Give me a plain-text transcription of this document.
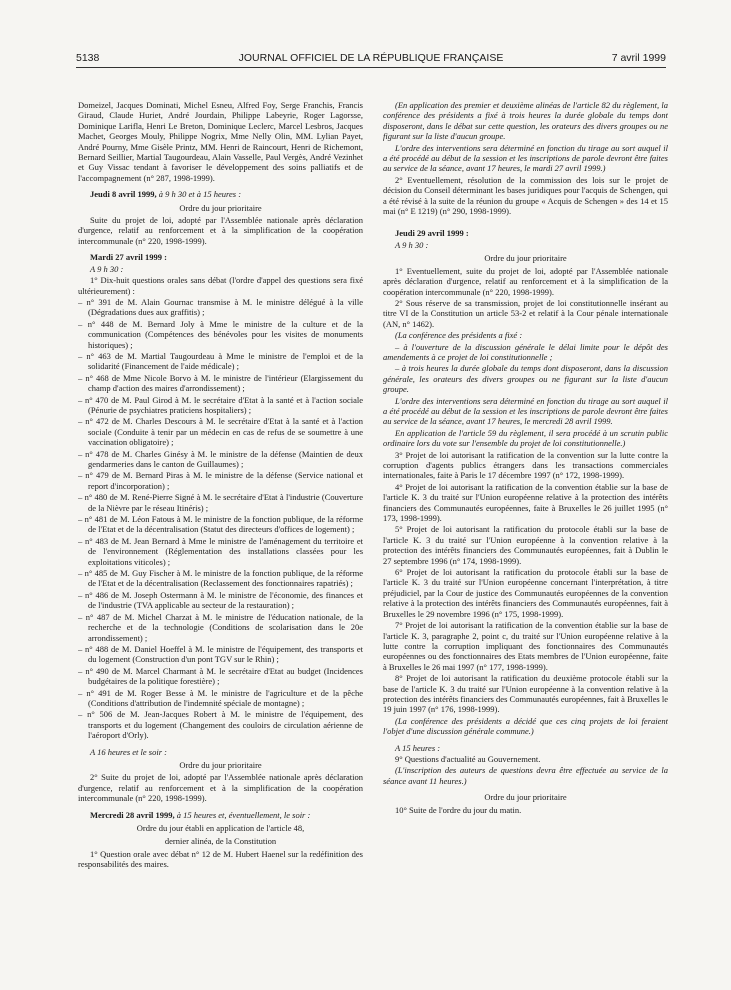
5138	JOURNAL OFFICIEL DE LA RÉPUBLIQUE FRANÇAISE	7 avril 1999

Domeizel, Jacques Dominati, Michel Esneu, Alfred Foy, Serge Franchis, Francis Giraud, Claude Huriet, André Jourdain, Philippe Labeyrie, Roger Lagorsse, Dominique Larifla, Henri Le Breton, Dominique Leclerc, Marcel Lesbros, Jacques Machet, Georges Mouly, Philippe Nogrix, Mme Nelly Olin, MM. Lylian Payet, André Pourny, Mme Gisèle Printz, MM. Henri de Raincourt, Henri de Richemont, Bernard Seillier, Martial Taugourdeau, Alain Vasselle, Paul Vergès, André Vezinhet et Guy Vissac tendant à favoriser le développement des soins palliatifs et de l'accompagnement (n° 287, 1998-1999).

Jeudi 8 avril 1999, à 9 h 30 et à 15 heures :

Ordre du jour prioritaire

Suite du projet de loi, adopté par l'Assemblée nationale après déclaration d'urgence, relatif au renforcement et à la simplification de la coopération intercommunale (n° 220, 1998-1999).

Mardi 27 avril 1999 :

A 9 h 30 :

1° Dix-huit questions orales sans débat (l'ordre d'appel des questions sera fixé ultérieurement) :

– n° 391 de M. Alain Gournac transmise à M. le ministre délégué à la ville (Dégradations dues aux graffitis) ;

– n° 448 de M. Bernard Joly à Mme le ministre de la culture et de la communication (Compétences des bénévoles pour les visites de monuments historiques) ;

– n° 463 de M. Martial Taugourdeau à Mme le ministre de l'emploi et de la solidarité (Financement de l'aide médicale) ;

– n° 468 de Mme Nicole Borvo à M. le ministre de l'intérieur (Elargissement du champ d'action des maires d'arrondissement) ;

– n° 470 de M. Paul Girod à M. le secrétaire d'Etat à la santé et à l'action sociale (Pénurie de psychiatres praticiens hospitaliers) ;

– n° 472 de M. Charles Descours à M. le secrétaire d'Etat à la santé et à l'action sociale (Conduite à tenir par un médecin en cas de refus de se soumettre à une vaccination obligatoire) ;

– n° 478 de M. Charles Ginésy à M. le ministre de la défense (Maintien de deux gendarmeries dans le canton de Guillaumes) ;

– n° 479 de M. Bernard Piras à M. le ministre de la défense (Service national et report d'incorporation) ;

– n° 480 de M. René-Pierre Signé à M. le secrétaire d'Etat à l'industrie (Couverture de la Nièvre par le réseau Itinéris) ;

– n° 481 de M. Léon Fatous à M. le ministre de la fonction publique, de la réforme de l'Etat et de la décentralisation (Statut des directeurs d'offices de logement) ;

– n° 483 de M. Jean Bernard à Mme le ministre de l'aménagement du territoire et de l'environnement (Réglementation des installations classées pour les exploitations viticoles) ;

– n° 485 de M. Guy Fischer à M. le ministre de la fonction publique, de la réforme de l'Etat et de la décentralisation (Reclassement des fonctionnaires rapatriés) ;

– n° 486 de M. Joseph Ostermann à M. le ministre de l'économie, des finances et de l'industrie (TVA applicable au secteur de la restauration) ;

– n° 487 de M. Michel Charzat à M. le ministre de l'éducation nationale, de la recherche et de la technologie (Conditions de scolarisation dans le 20e arrondissement) ;

– n° 488 de M. Daniel Hoeffel à M. le ministre de l'équipement, des transports et du logement (Construction d'un pont TGV sur le Rhin) ;

– n° 490 de M. Marcel Charmant à M. le secrétaire d'Etat au budget (Incidences budgétaires de la politique forestière) ;

– n° 491 de M. Roger Besse à M. le ministre de l'agriculture et de la pêche (Conditions d'attribution de l'indemnité spéciale de montagne) ;

– n° 506 de M. Jean-Jacques Robert à M. le ministre de l'équipement, des transports et du logement (Changement des couloirs de circulation aérienne de l'aéroport d'Orly).

A 16 heures et le soir :

Ordre du jour prioritaire

2° Suite du projet de loi, adopté par l'Assemblée nationale après déclaration d'urgence, relatif au renforcement et à la simplification de la coopération intercommunale (n° 220, 1998-1999).

Mercredi 28 avril 1999, à 15 heures et, éventuellement, le soir :

Ordre du jour établi en application de l'article 48,

dernier alinéa, de la Constitution

1° Question orale avec débat n° 12 de M. Hubert Haenel sur la redéfinition des responsabilités des maires.

(En application des premier et deuxième alinéas de l'article 82 du règlement, la conférence des présidents a fixé à trois heures la durée globale du temps dont disposeront, dans le débat sur cette question, les orateurs des divers groupes ou ne figurant sur la liste d'aucun groupe.

L'ordre des interventions sera déterminé en fonction du tirage au sort auquel il a été procédé au début de la session et les inscriptions de parole devront être faites au service de la séance, avant 17 heures, le mardi 27 avril 1999.)

2° Eventuellement, résolution de la commission des lois sur le projet de décision du Conseil déterminant les bases juridiques pour l'acquis de Schengen, qui a été révisé à la suite de la réunion du groupe « Acquis de Schengen » des 14 et 15 mai (n° E 1219) (n° 290, 1998-1999).

Jeudi 29 avril 1999 :

A 9 h 30 :

Ordre du jour prioritaire

1° Eventuellement, suite du projet de loi, adopté par l'Assemblée nationale après déclaration d'urgence, relatif au renforcement et à la simplification de la coopération intercommunale (n° 220, 1998-1999).

2° Sous réserve de sa transmission, projet de loi constitutionnelle insérant au titre VI de la Constitution un article 53-2 et relatif à la Cour pénale internationale (AN, n° 1462).

(La conférence des présidents a fixé :

– à l'ouverture de la discussion générale le délai limite pour le dépôt des amendements à ce projet de loi constitutionnelle ;

– à trois heures la durée globale du temps dont disposeront, dans la discussion générale, les orateurs des divers groupes ou ne figurant sur la liste d'aucun groupe.

L'ordre des interventions sera déterminé en fonction du tirage au sort auquel il a été procédé au début de la session et les inscriptions de parole devront être faites au service de la séance, avant 17 heures, le mercredi 28 avril 1999.

En application de l'article 59 du règlement, il sera procédé à un scrutin public ordinaire lors du vote sur l'ensemble du projet de loi constitutionnelle.)

3° Projet de loi autorisant la ratification de la convention sur la lutte contre la corruption d'agents publics étrangers dans les transactions commerciales internationales, faite à Paris le 17 décembre 1997 (n° 172, 1998-1999).

4° Projet de loi autorisant la ratification de la convention établie sur la base de l'article K. 3 du traité sur l'Union européenne relative à la protection des intérêts financiers des Communautés européennes, faite à Bruxelles le 26 juillet 1995 (n° 173, 1998-1999).

5° Projet de loi autorisant la ratification du protocole établi sur la base de l'article K. 3 du traité sur l'Union européenne à la convention relative à la protection des intérêts financiers des Communautés européennes, fait à Dublin le 27 septembre 1996 (n° 174, 1998-1999).

6° Projet de loi autorisant la ratification du protocole établi sur la base de l'article K. 3 du traité sur l'Union européenne concernant l'interprétation, à titre préjudiciel, par la Cour de justice des Communautés européennes de la convention relative à la protection des intérêts financiers des Communautés européennes, fait à Bruxelles le 29 novembre 1996 (n° 175, 1998-1999).

7° Projet de loi autorisant la ratification de la convention établie sur la base de l'article K. 3, paragraphe 2, point c, du traité sur l'Union européenne relative à la lutte contre la corruption impliquant des fonctionnaires des Communautés européennes ou des fonctionnaires des Etats membres de l'Union européenne, faite à Bruxelles le 26 mai 1997 (n° 177, 1998-1999).

8° Projet de loi autorisant la ratification du deuxième protocole établi sur la base de l'article K. 3 du traité sur l'Union européenne à la convention relative à la protection des intérêts financiers des Communautés européennes, fait à Bruxelles le 19 juin 1997 (n° 176, 1998-1999).

(La conférence des présidents a décidé que ces cinq projets de loi feraient l'objet d'une discussion générale commune.)

A 15 heures :

9° Questions d'actualité au Gouvernement.

(L'inscription des auteurs de questions devra être effectuée au service de la séance avant 11 heures.)

Ordre du jour prioritaire

10° Suite de l'ordre du jour du matin.
